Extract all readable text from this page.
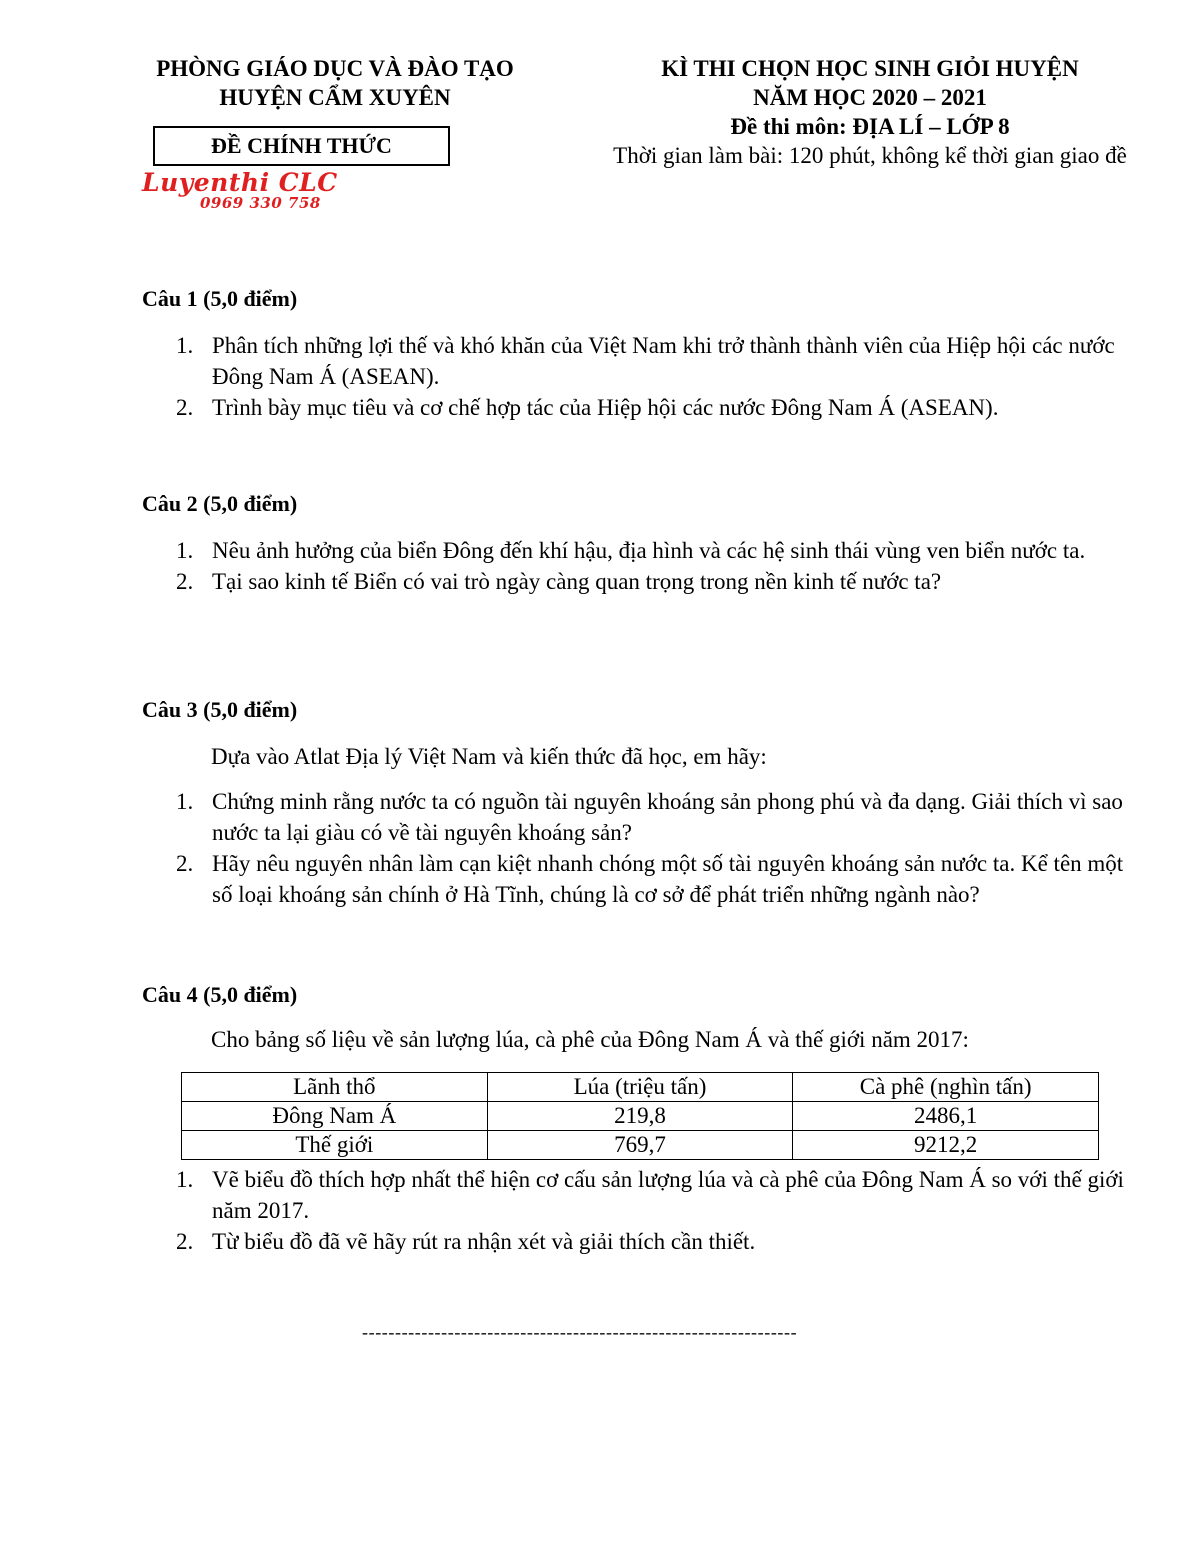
PHÒNG GIÁO DỤC VÀ ĐÀO TẠO
HUYỆN CẨM XUYÊN
KÌ THI CHỌN HỌC SINH GIỎI HUYỆN
NĂM HỌC 2020 – 2021
Đề thi môn: ĐỊA LÍ – LỚP 8
Thời gian làm bài: 120 phút, không kể thời gian giao đề
ĐỀ CHÍNH THỨC
Luyenthi CLC
0969 330 758
Câu 1 (5,0 điểm)
1. Phân tích những lợi thế và khó khăn của Việt Nam khi trở thành thành viên của Hiệp hội các nước Đông Nam Á (ASEAN).
2. Trình bày mục tiêu và cơ chế hợp tác của Hiệp hội các nước Đông Nam Á (ASEAN).
Câu 2 (5,0 điểm)
1. Nêu ảnh hưởng của biển Đông đến khí hậu, địa hình và các hệ sinh thái vùng ven biển nước ta.
2. Tại sao kinh tế Biển có vai trò ngày càng quan trọng trong nền kinh tế nước ta?
Câu 3 (5,0 điểm)
Dựa vào Atlat Địa lý Việt Nam và kiến thức đã học, em hãy:
1. Chứng minh rằng nước ta có nguồn tài nguyên khoáng sản phong phú và đa dạng. Giải thích vì sao nước ta lại giàu có về tài nguyên khoáng sản?
2. Hãy nêu nguyên nhân làm cạn kiệt nhanh chóng một số tài nguyên khoáng sản nước ta. Kể tên một số loại khoáng sản chính ở Hà Tĩnh, chúng là cơ sở để phát triển những ngành nào?
Câu 4 (5,0 điểm)
Cho bảng số liệu về sản lượng lúa, cà phê của Đông Nam Á và thế giới năm 2017:
Lãnh thổ	Lúa (triệu tấn)	Cà phê (nghìn tấn)
Đông Nam Á	219,8	2486,1
Thế giới	769,7	9212,2
1. Vẽ biểu đồ thích hợp nhất thể hiện cơ cấu sản lượng lúa và cà phê của Đông Nam Á so với thế giới năm 2017.
2. Từ biểu đồ đã vẽ hãy rút ra nhận xét và giải thích cần thiết.
------------------------------------------------------------------
